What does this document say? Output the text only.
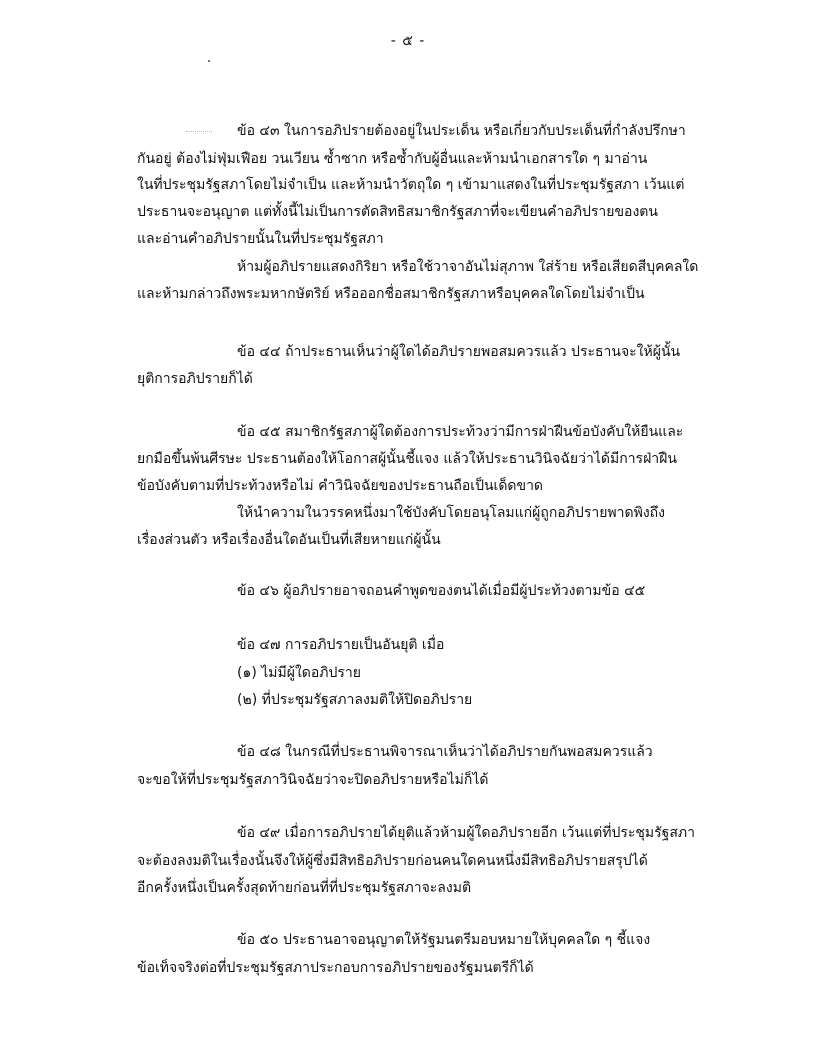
- ๕ -
ข้อ ๔๓ ในการอภิปรายต้องอยู่ในประเด็น หรือเกี่ยวกับประเด็นที่กำลังปรึกษา
กันอยู่ ต้องไม่ฟุ่มเฟือย วนเวียน ซ้ำซาก หรือซ้ำกับผู้อื่นและห้ามนำเอกสารใด ๆ มาอ่าน
ในที่ประชุมรัฐสภาโดยไม่จำเป็น และห้ามนำวัตถุใด ๆ เข้ามาแสดงในที่ประชุมรัฐสภา เว้นแต่
ประธานจะอนุญาต แต่ทั้งนี้ไม่เป็นการตัดสิทธิสมาชิกรัฐสภาที่จะเขียนคำอภิปรายของตน
และอ่านคำอภิปรายนั้นในที่ประชุมรัฐสภา
ห้ามผู้อภิปรายแสดงกิริยา หรือใช้วาจาอันไม่สุภาพ ใส่ร้าย หรือเสียดสีบุคคลใด
และห้ามกล่าวถึงพระมหากษัตริย์ หรือออกชื่อสมาชิกรัฐสภาหรือบุคคลใดโดยไม่จำเป็น
ข้อ ๔๔ ถ้าประธานเห็นว่าผู้ใดได้อภิปรายพอสมควรแล้ว ประธานจะให้ผู้นั้น
ยุติการอภิปรายก็ได้
ข้อ ๔๕ สมาชิกรัฐสภาผู้ใดต้องการประท้วงว่ามีการฝ่าฝืนข้อบังคับให้ยืนและ
ยกมือขึ้นพ้นศีรษะ ประธานต้องให้โอกาสผู้นั้นชี้แจง แล้วให้ประธานวินิจฉัยว่าได้มีการฝ่าฝืน
ข้อบังคับตามที่ประท้วงหรือไม่ คำวินิจฉัยของประธานถือเป็นเด็ดขาด
ให้นำความในวรรคหนึ่งมาใช้บังคับโดยอนุโลมแก่ผู้ถูกอภิปรายพาดพิงถึง
เรื่องส่วนตัว หรือเรื่องอื่นใดอันเป็นที่เสียหายแก่ผู้นั้น
ข้อ ๔๖ ผู้อภิปรายอาจถอนคำพูดของตนได้เมื่อมีผู้ประท้วงตามข้อ ๔๕
ข้อ ๔๗ การอภิปรายเป็นอันยุติ เมื่อ
(๑) ไม่มีผู้ใดอภิปราย
(๒) ที่ประชุมรัฐสภาลงมติให้ปิดอภิปราย
ข้อ ๔๘ ในกรณีที่ประธานพิจารณาเห็นว่าได้อภิปรายกันพอสมควรแล้ว
จะขอให้ที่ประชุมรัฐสภาวินิจฉัยว่าจะปิดอภิปรายหรือไม่ก็ได้
ข้อ ๔๙ เมื่อการอภิปรายได้ยุติแล้วห้ามผู้ใดอภิปรายอีก เว้นแต่ที่ประชุมรัฐสภา
จะต้องลงมติในเรื่องนั้นจึงให้ผู้ซึ่งมีสิทธิอภิปรายก่อนคนใดคนหนึ่งมีสิทธิอภิปรายสรุปได้
อีกครั้งหนึ่งเป็นครั้งสุดท้ายก่อนที่ที่ประชุมรัฐสภาจะลงมติ
ข้อ ๕๐ ประธานอาจอนุญาตให้รัฐมนตรีมอบหมายให้บุคคลใด ๆ ชี้แจง
ข้อเท็จจริงต่อที่ประชุมรัฐสภาประกอบการอภิปรายของรัฐมนตรีก็ได้
